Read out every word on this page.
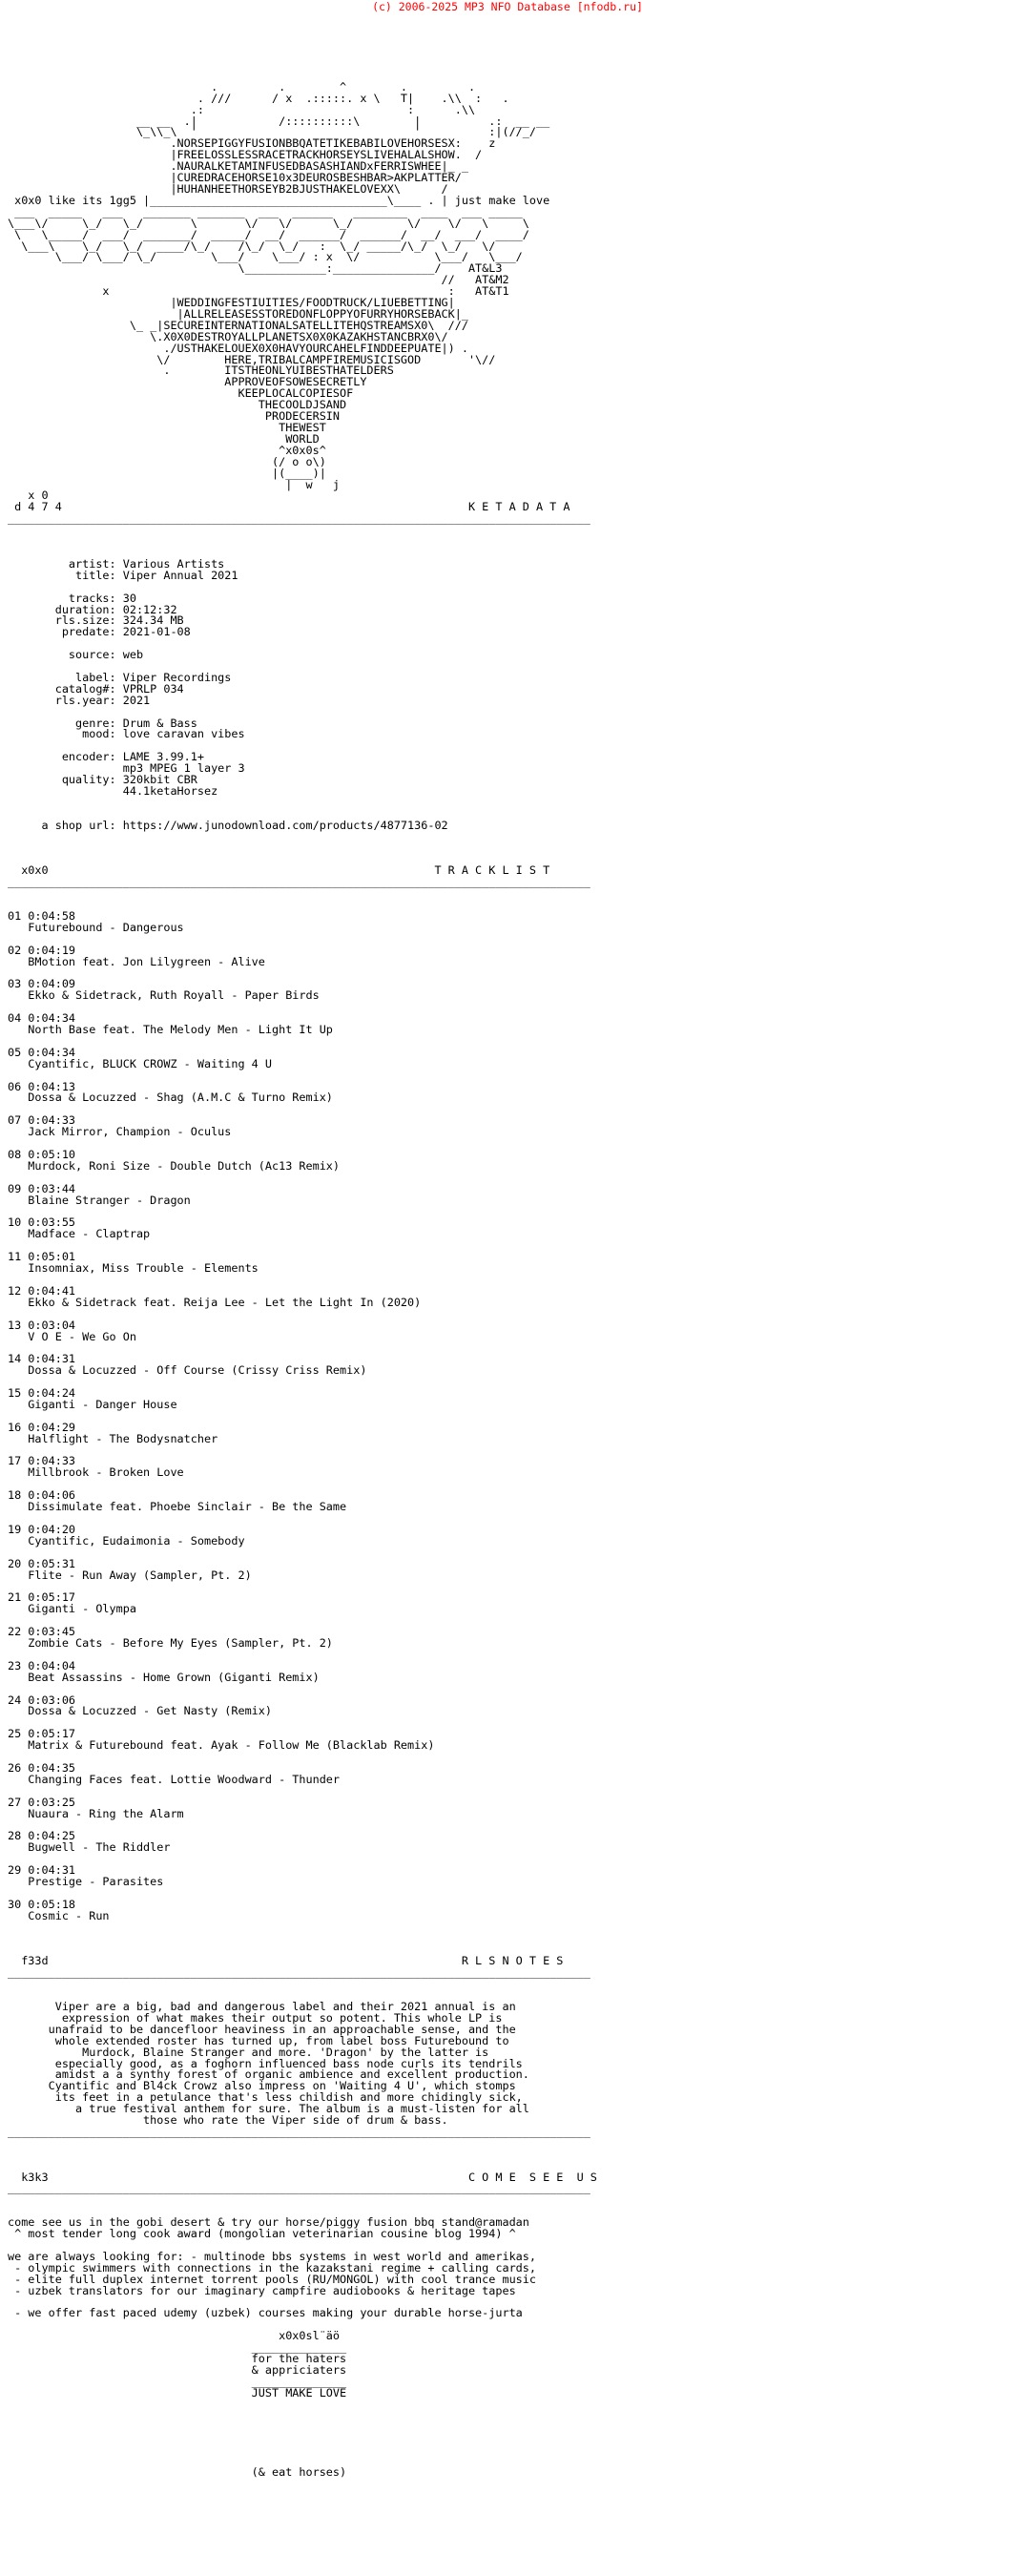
(c) 2006-2025 MP3 NFO Database [nfodb.ru]

.         .        ^        .         .
. ///      / x  .:::::. x \   T|    .\\  :   .
.:                              :      .\\
__ __  .|            /::::::::::\        |          .:  __ __
\_\\_\  '                                '          :|(//_/
.NORSEPIGGYFUSIONBBQATETIKEBABILOVEHORSESX:    z
|FREELOSSLESSRACETRACKHORSEYSLIVEHALALSHOW.  /
.NAURALKETAMINFUSEDBASASHIANDxFERRISWHEE|_ _
|CUREDRACEHORSE10x3DEUROSBESHBAR>AKPLATTER/
|HUHANHEETHORSEYB2BJUSTHAKELOVEXX\      /
x0x0 like its 1gg5 |___________________________________\____ . | just make love
___  _____   ___   _______ _______  ___  ______   ________  ____  ___ _____
\___\/     \_/   \_/       \       \/   \/      \_/        \/    \/   \     \
\   \_____/  ___/  _______/  _____/  __/  ______/  ______/  __/  ___/  ____/
\___\    \_/   \_/  ____/\_/    /\_/  \_/   :  \_/ _____/\_/  \_/   \/
\___/ \___/ \_/        \___/    \___/ : x  \/           \___/   \___/
\____________:_______________/    AT&L3
//   AT&M2
x                                                  :   AT&T1
|WEDDINGFESTIUITIES/FOODTRUCK/LIUEBETTING|
|ALLRELEASESSTOREDONFLOPPYOFURRYHORSEBACK|_
\_ _|SECUREINTERNATIONALSATELLITEHQSTREAMSX0\  ///
\.X0X0DESTROYALLPLANETSX0X0KAZAKHSTANCBRX0\/
./USTHAKELOUEX0X0HAVYOURCAHELFINDDEEPUATE|) .
\/        HERE,TRIBALCAMPFIREMUSICISGOD       '\//
.        ITSTHEONLYUIBESTHATELDERS
APPROVEOFSOWESECRETLY
KEEPLOCALCOPIESOF
THECOOLDJSAND
PRODECERSIN
THEWEST
WORLD
^x0x0s^
(/ o o\)
|(____)|
|  w   j
x 0
d 4 7 4                                                            K E T A D A T A
______________________________________________________________________________________

artist: Various Artists
title: Viper Annual 2021

tracks: 30
duration: 02:12:32
rls.size: 324.34 MB
predate: 2021-01-08

source: web

label: Viper Recordings
catalog#: VPRLP 034
rls.year: 2021

genre: Drum & Bass
mood: love caravan vibes

encoder: LAME 3.99.1+
mp3 MPEG 1 layer 3
quality: 320kbit CBR
44.1ketaHorsez

a shop url: https://www.junodownload.com/products/4877136-02

x0x0                                                         T R A C K L I S T
______________________________________________________________________________________

01 0:04:58
Futurebound - Dangerous

02 0:04:19
BMotion feat. Jon Lilygreen - Alive

03 0:04:09
Ekko & Sidetrack, Ruth Royall - Paper Birds

04 0:04:34
North Base feat. The Melody Men - Light It Up

05 0:04:34
Cyantific, BLUCK CROWZ - Waiting 4 U

06 0:04:13
Dossa & Locuzzed - Shag (A.M.C & Turno Remix)

07 0:04:33
Jack Mirror, Champion - Oculus

08 0:05:10
Murdock, Roni Size - Double Dutch (Ac13 Remix)

09 0:03:44
Blaine Stranger - Dragon

10 0:03:55
Madface - Claptrap

11 0:05:01
Insomniax, Miss Trouble - Elements

12 0:04:41
Ekko & Sidetrack feat. Reija Lee - Let the Light In (2020)

13 0:03:04
V O E - We Go On

14 0:04:31
Dossa & Locuzzed - Off Course (Crissy Criss Remix)

15 0:04:24
Giganti - Danger House

16 0:04:29
Halflight - The Bodysnatcher

17 0:04:33
Millbrook - Broken Love

18 0:04:06
Dissimulate feat. Phoebe Sinclair - Be the Same

19 0:04:20
Cyantific, Eudaimonia - Somebody

20 0:05:31
Flite - Run Away (Sampler, Pt. 2)

21 0:05:17
Giganti - Olympa

22 0:03:45
Zombie Cats - Before My Eyes (Sampler, Pt. 2)

23 0:04:04
Beat Assassins - Home Grown (Giganti Remix)

24 0:03:06
Dossa & Locuzzed - Get Nasty (Remix)

25 0:05:17
Matrix & Futurebound feat. Ayak - Follow Me (Blacklab Remix)

26 0:04:35
Changing Faces feat. Lottie Woodward - Thunder

27 0:03:25
Nuaura - Ring the Alarm

28 0:04:25
Bugwell - The Riddler

29 0:04:31
Prestige - Parasites

30 0:05:18
Cosmic - Run

f33d                                                             R L S N O T E S
______________________________________________________________________________________

Viper are a big, bad and dangerous label and their 2021 annual is an
expression of what makes their output so potent. This whole LP is
unafraid to be dancefloor heaviness in an approachable sense, and the
whole extended roster has turned up, from label boss Futurebound to
Murdock, Blaine Stranger and more. 'Dragon' by the latter is
especially good, as a foghorn influenced bass node curls its tendrils
amidst a a synthy forest of organic ambience and excellent production.
Cyantific and Bl4ck Crowz also impress on 'Waiting 4 U', which stomps
its feet in a petulance that's less childish and more chidingly sick,
a true festival anthem for sure. The album is a must-listen for all
those who rate the Viper side of drum & bass.
______________________________________________________________________________________

k3k3                                                              C O M E  S E E  U S
______________________________________________________________________________________

come see us in the gobi desert & try our horse/piggy fusion bbq stand@ramadan
^ most tender long cook award (mongolian veterinarian cousine blog 1994) ^

we are always looking for: - multinode bbs systems in west world and amerikas,
- olympic swimmers with connections in the kazakstani regime + calling cards,
- elite full duplex internet torrent pools (RU/MONGOL) with cool trance music
- uzbek translators for our imaginary campfire audiobooks & heritage tapes

- we offer fast paced udemy (uzbek) courses making your durable horse-jurta

x0x0sl¨äö
______________
for the haters
& appriciaters
______________
JUST MAKE LOVE

(& eat horses)
